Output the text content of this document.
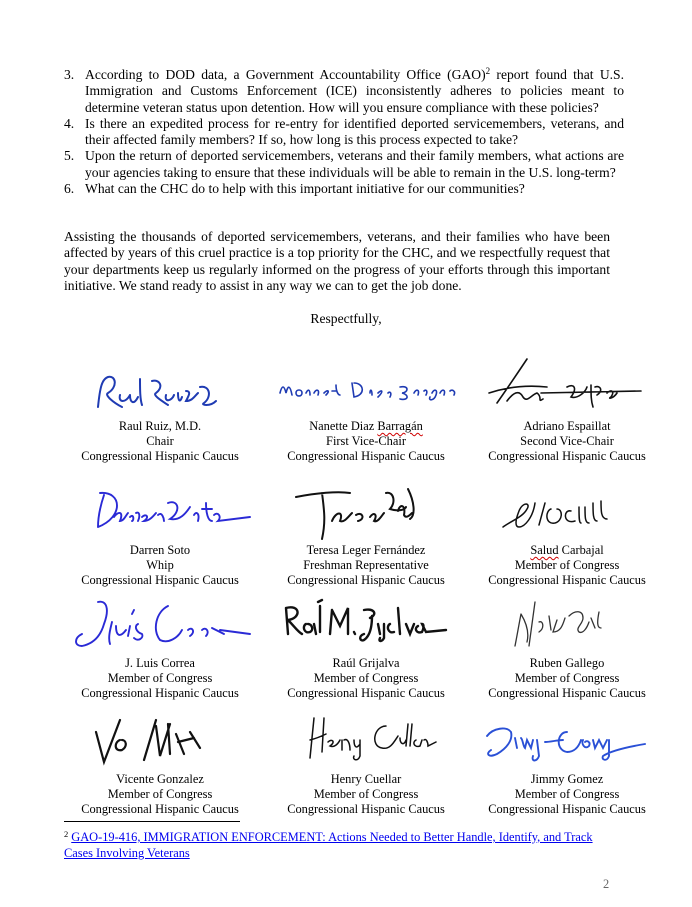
3. According to DOD data, a Government Accountability Office (GAO)$^2$ report found that U.S. Immigration and Customs Enforcement (ICE) inconsistently adheres to policies meant to determine veteran status upon detention. How will you ensure compliance with these policies?
4. Is there an expedited process for re-entry for identified deported servicemembers, veterans, and their affected family members? If so, how long is this process expected to take?
5. Upon the return of deported servicemembers, veterans and their family members, what actions are your agencies taking to ensure that these individuals will be able to remain in the U.S. long-term?
6. What can the CHC do to help with this important initiative for our communities?

Assisting the thousands of deported servicemembers, veterans, and their families who have been affected by years of this cruel practice is a top priority for the CHC, and we respectfully request that your departments keep us regularly informed on the progress of your efforts through this important initiative. We stand ready to assist in any way we can to get the job done.

Respectfully,
Raul Ruiz, M.D.
Chair
Congressional Hispanic Caucus
Nanette Diaz Barragán
First Vice-Chair
Congressional Hispanic Caucus
Adriano Espaillat
Second Vice-Chair
Congressional Hispanic Caucus
Darren Soto
Whip
Congressional Hispanic Caucus
Teresa Leger Fernández
Freshman Representative
Congressional Hispanic Caucus
Salud Carbajal
Member of Congress
Congressional Hispanic Caucus
J. Luis Correa
Member of Congress
Congressional Hispanic Caucus
Raúl Grijalva
Member of Congress
Congressional Hispanic Caucus
Ruben Gallego
Member of Congress
Congressional Hispanic Caucus
Vicente Gonzalez
Member of Congress
Congressional Hispanic Caucus
Henry Cuellar
Member of Congress
Congressional Hispanic Caucus
Jimmy Gomez
Member of Congress
Congressional Hispanic Caucus
$^2$ GAO-19-416, IMMIGRATION ENFORCEMENT: Actions Needed to Better Handle, Identify, and Track Cases Involving Veterans
2
